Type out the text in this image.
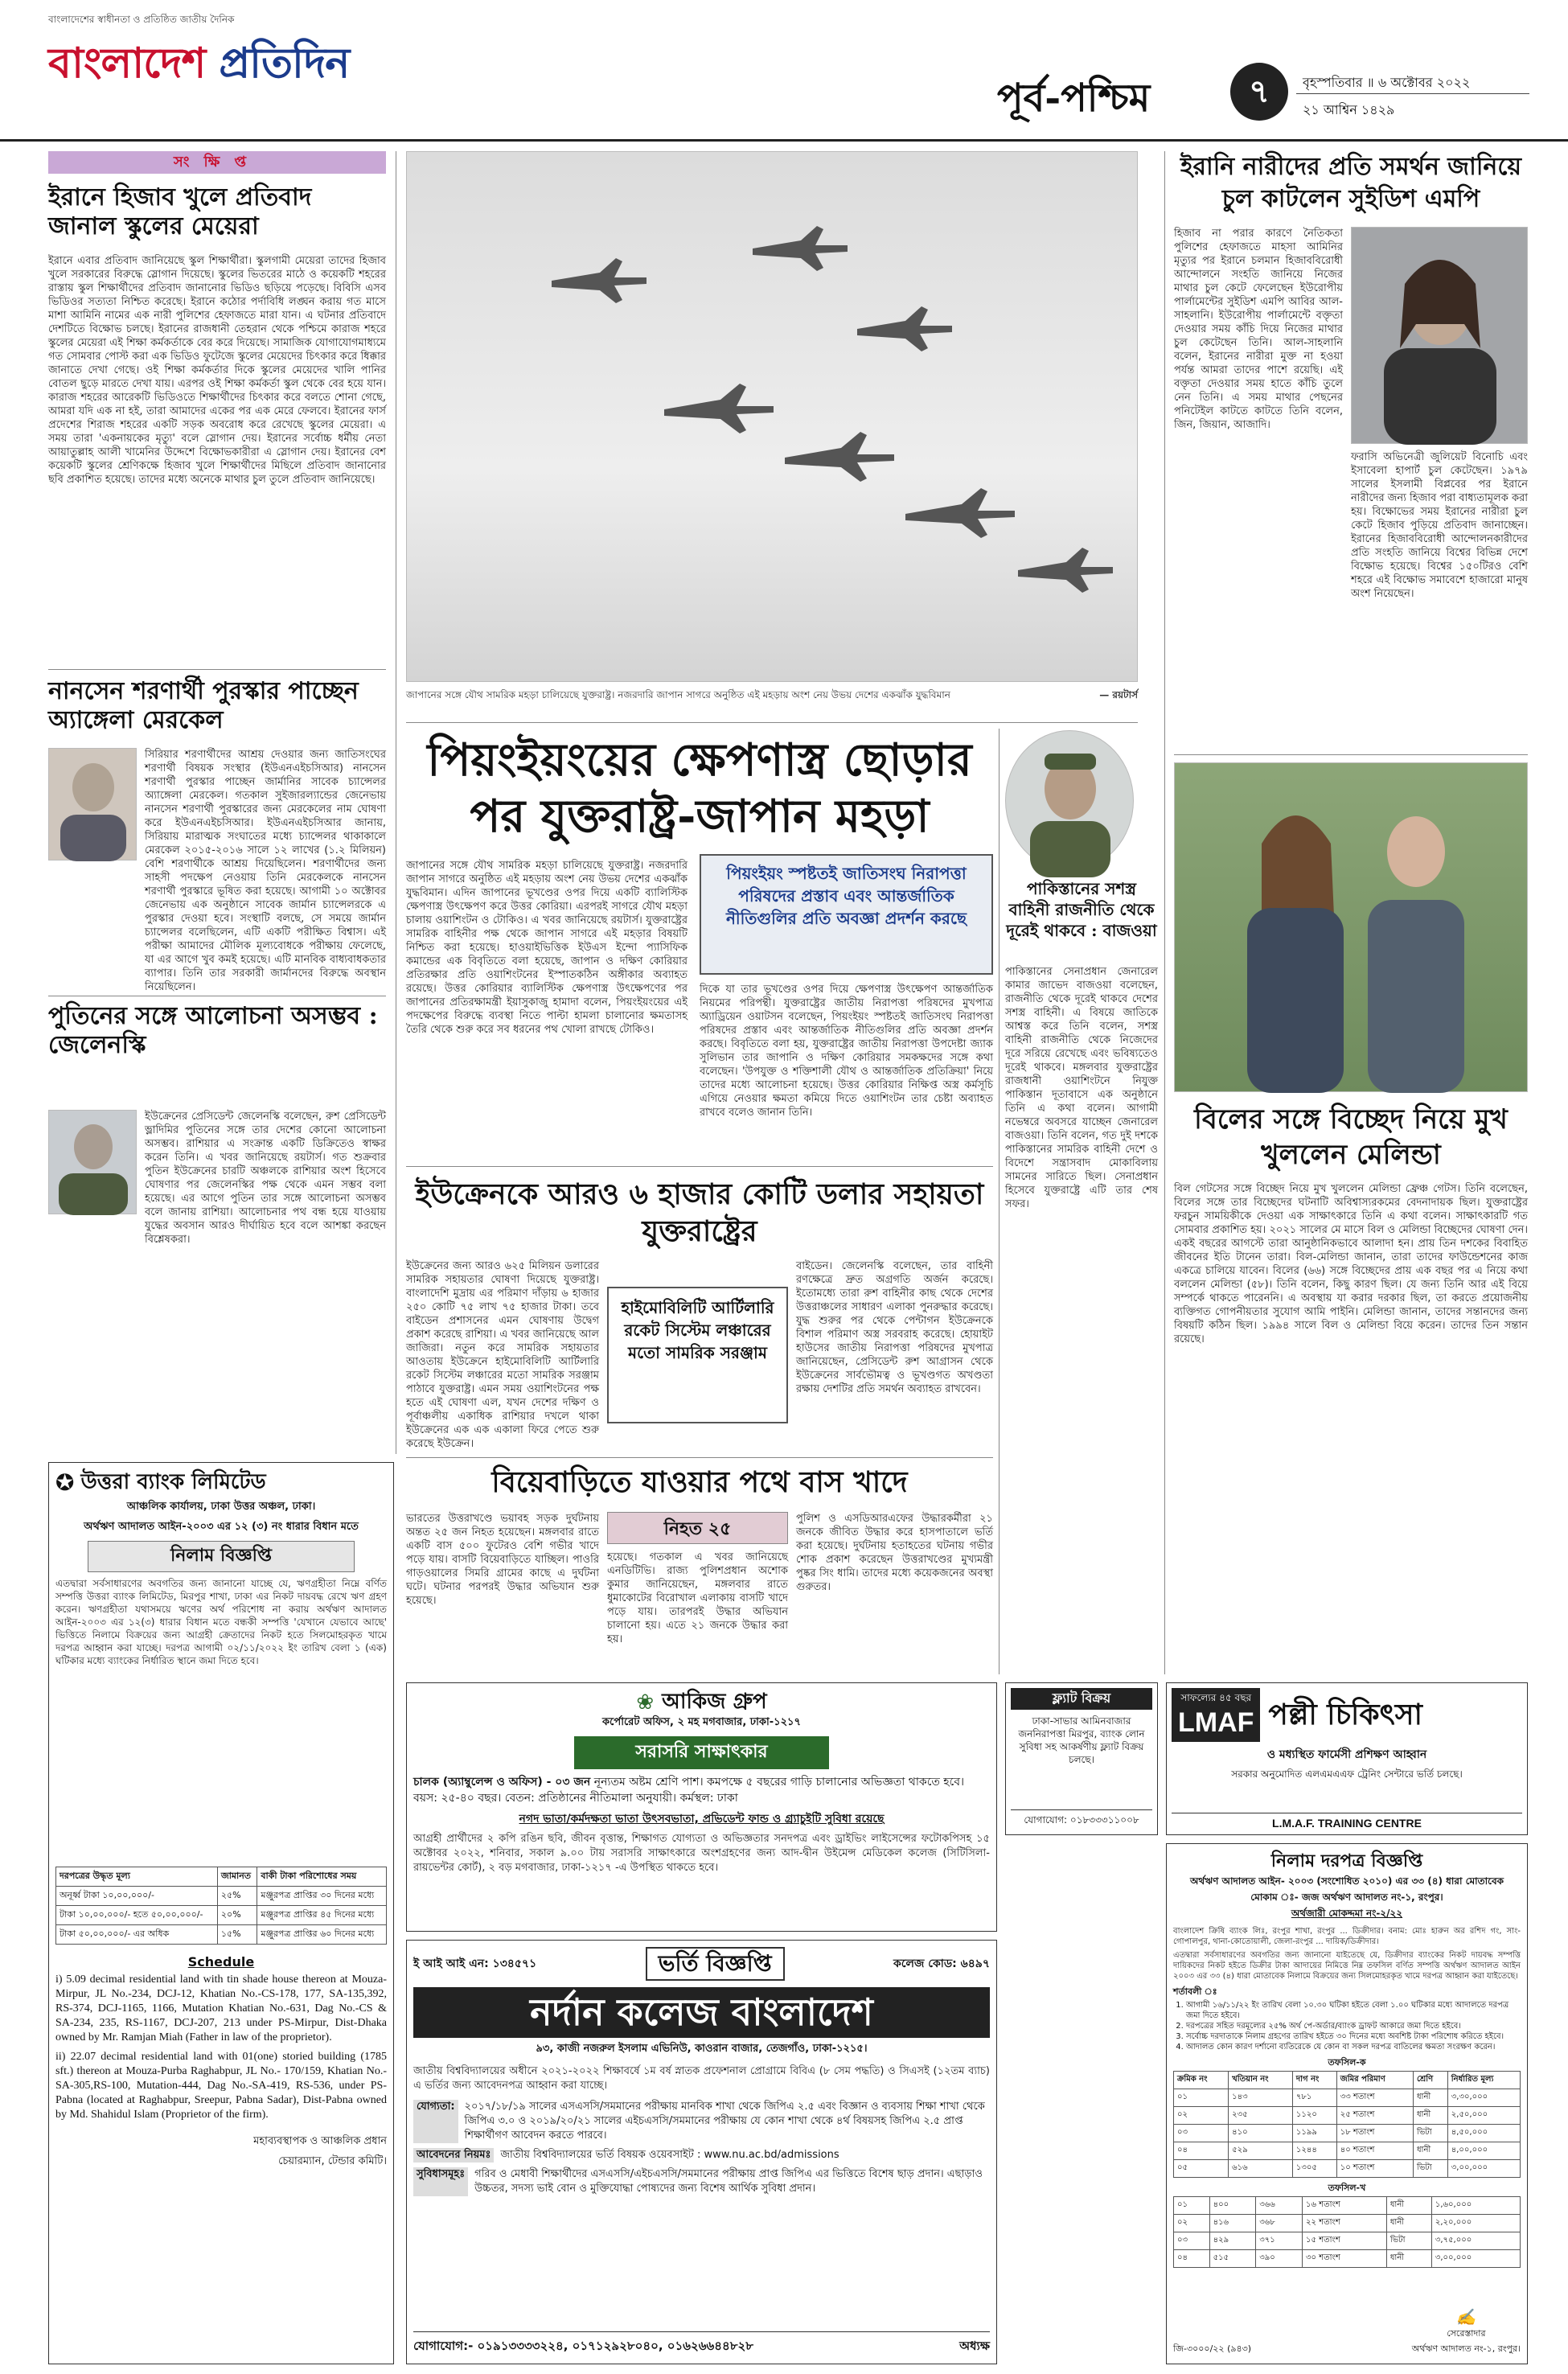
বাংলাদেশের স্বাধীনতা ও প্রতিষ্ঠিত জাতীয় দৈনিক
বাংলাদেশ প্রতিদিন
পূর্ব-পশ্চিম	৭	বৃহস্পতিবার ॥ ৬ অক্টোবর ২০২২
২১ আশ্বিন ১৪২৯
সংক্ষিপ্ত
ইরানে হিজাব খুলে প্রতিবাদ জানাল স্কুলের মেয়েরা
ইরানে এবার প্রতিবাদ জানিয়েছে স্কুল শিক্ষার্থীরা। স্কুলগামী মেয়েরা তাদের হিজাব খুলে সরকারের বিরুদ্ধে স্লোগান দিয়েছে। স্কুলের ভিতরের মাঠে ও কয়েকটি শহরের রাস্তায় স্কুল শিক্ষার্থীদের প্রতিবাদ জানানোর ভিডিও ছড়িয়ে পড়েছে। বিবিসি এসব ভিডিওর সত্যতা নিশ্চিত করেছে। ইরানে কঠোর পর্দাবিধি লঙ্ঘন করায় গত মাসে মাশা আমিনি নামের এক নারী পুলিশের হেফাজতে মারা যান। এ ঘটনার প্রতিবাদে দেশটিতে বিক্ষোভ চলছে। ইরানের রাজধানী তেহরান থেকে পশ্চিমে কারাজ শহরে স্কুলের মেয়েরা এই শিক্ষা কর্মকর্তাকে বের করে দিয়েছে। সামাজিক যোগাযোগমাধ্যমে গত সোমবার পোস্ট করা এক ভিডিও ফুটেজে স্কুলের মেয়েদের চিৎকার করে ধিক্কার জানাতে দেখা গেছে। ওই শিক্ষা কর্মকর্তার দিকে স্কুলের মেয়েদের খালি পানির বোতল ছুড়ে মারতে দেখা যায়। এরপর ওই শিক্ষা কর্মকর্তা স্কুল থেকে বের হয়ে যান। কারাজ শহরের আরেকটি ভিডিওতে শিক্ষার্থীদের চিৎকার করে বলতে শোনা গেছে, আমরা যদি এক না হই, তারা আমাদের একের পর এক মেরে ফেলবে। ইরানের ফার্স প্রদেশের শিরাজ শহরের একটি সড়ক অবরোধ করে রেখেছে স্কুলের মেয়েরা। এ সময় তারা 'একনায়কের মৃত্যু' বলে স্লোগান দেয়। ইরানের সর্বোচ্চ ধর্মীয় নেতা আয়াতুল্লাহ আলী খামেনির উদ্দেশে বিক্ষোভকারীরা এ স্লোগান দেয়। ইরানের বেশ কয়েকটি স্কুলের শ্রেণিকক্ষে হিজাব খুলে শিক্ষার্থীদের মিছিলে প্রতিবাদ জানানোর ছবি প্রকাশিত হয়েছে। তাদের মধ্যে অনেকে মাথার চুল তুলে প্রতিবাদ জানিয়েছে।
নানসেন শরণার্থী পুরস্কার পাচ্ছেন অ্যাঙ্গেলা মেরকেল
সিরিয়ার শরণার্থীদের আশ্রয় দেওয়ার জন্য জাতিসংঘের শরণার্থী বিষয়ক সংস্থার (ইউএনএইচসিআর) নানসেন শরণার্থী পুরস্কার পাচ্ছেন জার্মানির সাবেক চ্যান্সেলর অ্যাঙ্গেলা মেরকেল। গতকাল সুইজারল্যান্ডের জেনেভায় নানসেন শরণার্থী পুরস্কারের জন্য মেরকেলের নাম ঘোষণা করে ইউএনএইচসিআর। ইউএনএইচসিআর জানায়, সিরিয়ায় মারাত্মক সংঘাতের মধ্যে চ্যান্সেলর থাকাকালে মেরকেল ২০১৫-২০১৬ সালে ১২ লাখের (১.২ মিলিয়ন) বেশি শরণার্থীকে আশ্রয় দিয়েছিলেন। শরণার্থীদের জন্য সাহসী পদক্ষেপ নেওয়ায় তিনি মেরকেলকে নানসেন শরণার্থী পুরস্কারে ভূষিত করা হয়েছে। আগামী ১০ অক্টোবর জেনেভায় এক অনুষ্ঠানে সাবেক জার্মান চ্যান্সেলরকে এ পুরস্কার দেওয়া হবে। সংস্থাটি বলছে, সে সময়ে জার্মান চ্যান্সেলর বলেছিলেন, এটি একটি পরীক্ষিত বিশ্বাস। এই পরীক্ষা আমাদের মৌলিক মূল্যবোধকে পরীক্ষায় ফেলেছে, যা এর আগে খুব কমই হয়েছে। এটি মানবিক বাধ্যবাধকতার ব্যাপার। তিনি তার সরকারী জার্মানদের বিরুদ্ধে অবস্থান নিয়েছিলেন।
পুতিনের সঙ্গে আলোচনা অসম্ভব : জেলেনস্কি
ইউক্রেনের প্রেসিডেন্ট জেলেনস্কি বলেছেন, রুশ প্রেসিডেন্ট ভ্লাদিমির পুতিনের সঙ্গে তার দেশের কোনো আলোচনা অসম্ভব। রাশিয়ার এ সংক্রান্ত একটি ডিক্রিতেও স্বাক্ষর করেন তিনি। এ খবর জানিয়েছে রয়টার্স। গত শুক্রবার পুতিন ইউক্রেনের চারটি অঞ্চলকে রাশিয়ার অংশ হিসেবে ঘোষণার পর জেলেনস্কির পক্ষ থেকে এমন সম্ভব বলা হয়েছে। এর আগে পুতিন তার সঙ্গে আলোচনা অসম্ভব বলে জানায় রাশিয়া। আলোচনার পথ বন্ধ হয়ে যাওয়ায় যুদ্ধের অবসান আরও দীর্ঘায়িত হবে বলে আশঙ্কা করছেন বিশ্লেষকরা।
জাপানের সঙ্গে যৌথ সামরিক মহড়া চালিয়েছে যুক্তরাষ্ট্র। নজরদারি জাপান সাগরে অনুষ্ঠিত এই মহড়ায় অংশ নেয় উভয় দেশের একঝাঁক যুদ্ধবিমান	— রয়টার্স
পিয়ংইয়ংয়ের ক্ষেপণাস্ত্র ছোড়ার পর যুক্তরাষ্ট্র-জাপান মহড়া
জাপানের সঙ্গে যৌথ সামরিক মহড়া চালিয়েছে যুক্তরাষ্ট্র। নজরদারি জাপান সাগরে অনুষ্ঠিত এই মহড়ায় অংশ নেয় উভয় দেশের একঝাঁক যুদ্ধবিমান। এদিন জাপানের ভূখণ্ডের ওপর দিয়ে একটি ব্যালিস্টিক ক্ষেপণাস্ত্র উৎক্ষেপণ করে উত্তর কোরিয়া। এরপরই সাগরে যৌথ মহড়া চালায় ওয়াশিংটন ও টোকিও। এ খবর জানিয়েছে রয়টার্স। যুক্তরাষ্ট্রের সামরিক বাহিনীর পক্ষ থেকে জাপান সাগরে এই মহড়ার বিষয়টি নিশ্চিত করা হয়েছে। হাওয়াইভিত্তিক ইউএস ইন্দো প্যাসিফিক কমান্ডের এক বিবৃতিতে বলা হয়েছে, জাপান ও দক্ষিণ কোরিয়ার প্রতিরক্ষার প্রতি ওয়াশিংটনের ইস্পাতকঠিন অঙ্গীকার অব্যাহত রয়েছে। উত্তর কোরিয়ার ব্যালিস্টিক ক্ষেপণাস্ত্র উৎক্ষেপণের পর জাপানের প্রতিরক্ষামন্ত্রী ইয়াসুকাজু হামাদা বলেন, পিয়ংইয়ংয়ের এই পদক্ষেপের বিরুদ্ধে ব্যবস্থা নিতে পাল্টা হামলা চালানোর ক্ষমতাসহ তৈরি থেকে শুরু করে সব ধরনের পথ খোলা রাখছে টোকিও।
পিয়ংইয়ং স্পষ্টতই জাতিসংঘ নিরাপত্তা পরিষদের প্রস্তাব এবং আন্তর্জাতিক নীতিগুলির প্রতি অবজ্ঞা প্রদর্শন করছে
দিকে যা তার ভূখণ্ডের ওপর দিয়ে ক্ষেপণাস্ত্র উৎক্ষেপণ আন্তর্জাতিক নিয়মের পরিপন্থী। যুক্তরাষ্ট্রের জাতীয় নিরাপত্তা পরিষদের মুখপাত্র অ্যাড্রিয়েন ওয়াটসন বলেছেন, পিয়ংইয়ং স্পষ্টতই জাতিসংঘ নিরাপত্তা পরিষদের প্রস্তাব এবং আন্তর্জাতিক নীতিগুলির প্রতি অবজ্ঞা প্রদর্শন করছে। বিবৃতিতে বলা হয়, যুক্তরাষ্ট্রের জাতীয় নিরাপত্তা উপদেষ্টা জ্যাক সুলিভান তার জাপানি ও দক্ষিণ কোরিয়ার সমকক্ষদের সঙ্গে কথা বলেছেন। 'উপযুক্ত ও শক্তিশালী যৌথ ও আন্তর্জাতিক প্রতিক্রিয়া' নিয়ে তাদের মধ্যে আলোচনা হয়েছে। উত্তর কোরিয়ার নিক্ষিপ্ত অস্ত্র কর্মসূচি এগিয়ে নেওয়ার ক্ষমতা কমিয়ে দিতে ওয়াশিংটন তার চেষ্টা অব্যাহত রাখবে বলেও জানান তিনি।
ইউক্রেনকে আরও ৬ হাজার কোটি ডলার সহায়তা যুক্তরাষ্ট্রের
ইউক্রেনের জন্য আরও ৬২৫ মিলিয়ন ডলারের সামরিক সহায়তার ঘোষণা দিয়েছে যুক্তরাষ্ট্র। বাংলাদেশি মুদ্রায় এর পরিমাণ দাঁড়ায় ৬ হাজার ২৫০ কোটি ৭৫ লাখ ৭৫ হাজার টাকা। তবে বাইডেন প্রশাসনের এমন ঘোষণায় উদ্বেগ প্রকাশ করেছে রাশিয়া। এ খবর জানিয়েছে আল জাজিরা। নতুন করে সামরিক সহায়তার আওতায় ইউক্রেনে হাইমোবিলিটি আর্টিলারি রকেট সিস্টেম লঞ্চারের মতো সামরিক সরঞ্জাম পাঠাবে যুক্তরাষ্ট্র। এমন সময় ওয়াশিংটনের পক্ষ হতে এই ঘোষণা এল, যখন দেশের দক্ষিণ ও পূর্বাঞ্চলীয় একাধিক রাশিয়ার দখলে থাকা ইউক্রেনের এক এক একালা ফিরে পেতে শুরু করেছে ইউক্রেন।
হাইমোবিলিটি আর্টিলারি রকেট সিস্টেম লঞ্চারের মতো সামরিক সরঞ্জাম
বাইডেন। জেলেনস্কি বলেছেন, তার বাহিনী রণক্ষেত্রে দ্রুত অগ্রগতি অর্জন করেছে। ইতোমধ্যে তারা রুশ বাহিনীর কাছ থেকে দেশের উত্তরাঞ্চলের সাধারণ এলাকা পুনরুদ্ধার করেছে। যুদ্ধ শুরুর পর থেকে পেন্টাগন ইউক্রেনকে বিশাল পরিমাণ অস্ত্র সরবরাহ করেছে। হোয়াইট হাউসের জাতীয় নিরাপত্তা পরিষদের মুখপাত্র জানিয়েছেন, প্রেসিডেন্ট রুশ আগ্রাসন থেকে ইউক্রেনের সার্বভৌমত্ব ও ভূখণ্ডগত অখণ্ডতা রক্ষায় দেশটির প্রতি সমর্থন অব্যাহত রাখবেন।
বিয়েবাড়িতে যাওয়ার পথে বাস খাদে
ভারতের উত্তরাখণ্ডে ভয়াবহ সড়ক দুর্ঘটনায় অন্তত ২৫ জন নিহত হয়েছেন। মঙ্গলবার রাতে একটি বাস ৫০০ ফুটেরও বেশি গভীর খাদে পড়ে যায়। বাসটি বিয়েবাড়িতে যাচ্ছিল। পাওরি গাড়ওয়ালের সিমরি গ্রামের কাছে এ দুর্ঘটনা ঘটে। ঘটনার পরপরই উদ্ধার অভিযান শুরু হয়েছে।
নিহত ২৫
হয়েছে। গতকাল এ খবর জানিয়েছে এনডিটিভি। রাজ্য পুলিশপ্রধান অশোক কুমার জানিয়েছেন, মঙ্গলবার রাতে ধুমাকোটের বিরোখাল এলাকায় বাসটি খাদে পড়ে যায়। তারপরই উদ্ধার অভিযান চালানো হয়। এতে ২১ জনকে উদ্ধার করা হয়।
পুলিশ ও এসডিআরএফের উদ্ধারকর্মীরা ২১ জনকে জীবিত উদ্ধার করে হাসপাতালে ভর্তি করা হয়েছে। দুর্ঘটনায় হতাহতের ঘটনায় গভীর শোক প্রকাশ করেছেন উত্তরাখণ্ডের মুখ্যমন্ত্রী পুষ্কর সিং ধামি। তাদের মধ্যে কয়েকজনের অবস্থা গুরুতর।
পাকিস্তানের সশস্ত্র বাহিনী রাজনীতি থেকে দূরেই থাকবে : বাজওয়া
পাকিস্তানের সেনাপ্রধান জেনারেল কামার জাভেদ বাজওয়া বলেছেন, রাজনীতি থেকে দূরেই থাকবে দেশের সশস্ত্র বাহিনী। এ বিষয়ে জাতিকে আশ্বস্ত করে তিনি বলেন, সশস্ত্র বাহিনী রাজনীতি থেকে নিজেদের দূরে সরিয়ে রেখেছে এবং ভবিষ্যতেও দূরেই থাকবে। মঙ্গলবার যুক্তরাষ্ট্রের রাজধানী ওয়াশিংটনে নিযুক্ত পাকিস্তান দূতাবাসে এক অনুষ্ঠানে তিনি এ কথা বলেন। আগামী নভেম্বরে অবসরে যাচ্ছেন জেনারেল বাজওয়া। তিনি বলেন, গত দুই দশকে পাকিস্তানের সামরিক বাহিনী দেশে ও বিদেশে সন্ত্রাসবাদ মোকাবিলায় সামনের সারিতে ছিল। সেনাপ্রধান হিসেবে যুক্তরাষ্ট্রে এটি তার শেষ সফর।
ইরানি নারীদের প্রতি সমর্থন জানিয়ে চুল কাটলেন সুইডিশ এমপি
হিজাব না পরার কারণে নৈতিকতা পুলিশের হেফাজতে মাহসা আমিনির মৃত্যুর পর ইরানে চলমান হিজাববিরোধী আন্দোলনে সংহতি জানিয়ে নিজের মাথার চুল কেটে ফেলেছেন ইউরোপীয় পার্লামেন্টের সুইডিশ এমপি আবির আল-সাহলানি। ইউরোপীয় পার্লামেন্টে বক্তৃতা দেওয়ার সময় কাঁচি দিয়ে নিজের মাথার চুল কেটেছেন তিনি। আল-সাহলানি বলেন, ইরানের নারীরা মুক্ত না হওয়া পর্যন্ত আমরা তাদের পাশে রয়েছি। এই বক্তৃতা দেওয়ার সময় হাতে কাঁচি তুলে নেন তিনি। এ সময় মাথার পেছনের পনিটেইল কাটতে কাটতে তিনি বলেন, জিন, জিয়ান, আজাদি।
ফরাসি অভিনেত্রী জুলিয়েট বিনোচি এবং ইসাবেলা হাপার্ট চুল কেটেছেন। ১৯৭৯ সালের ইসলামী বিপ্লবের পর ইরানে নারীদের জন্য হিজাব পরা বাধ্যতামূলক করা হয়। বিক্ষোভের সময় ইরানের নারীরা চুল কেটে হিজাব পুড়িয়ে প্রতিবাদ জানাচ্ছেন। ইরানের হিজাববিরোধী আন্দোলনকারীদের প্রতি সংহতি জানিয়ে বিশ্বের বিভিন্ন দেশে বিক্ষোভ হয়েছে। বিশ্বের ১৫০টিরও বেশি শহরে এই বিক্ষোভ সমাবেশে হাজারো মানুষ অংশ নিয়েছেন।
বিলের সঙ্গে বিচ্ছেদ নিয়ে মুখ খুললেন মেলিন্ডা
বিল গেটসের সঙ্গে বিচ্ছেদ নিয়ে মুখ খুললেন মেলিন্ডা ফ্রেঞ্চ গেটস। তিনি বলেছেন, বিলের সঙ্গে তার বিচ্ছেদের ঘটনাটি অবিশ্বাস্যরকমের বেদনাদায়ক ছিল। যুক্তরাষ্ট্রের ফরচুন সাময়িকীকে দেওয়া এক সাক্ষাৎকারে তিনি এ কথা বলেন। সাক্ষাৎকারটি গত সোমবার প্রকাশিত হয়। ২০২১ সালের মে মাসে বিল ও মেলিন্ডা বিচ্ছেদের ঘোষণা দেন। একই বছরের আগস্টে তারা আনুষ্ঠানিকভাবে আলাদা হন। প্রায় তিন দশকের বিবাহিত জীবনের ইতি টানেন তারা। বিল-মেলিন্ডা জানান, তারা তাদের ফাউন্ডেশনের কাজ একত্রে চালিয়ে যাবেন। বিলের (৬৬) সঙ্গে বিচ্ছেদের প্রায় এক বছর পর এ নিয়ে কথা বললেন মেলিন্ডা (৫৮)। তিনি বলেন, কিছু কারণ ছিল। যে জন্য তিনি আর এই বিয়ে সম্পর্কে থাকতে পারেননি। এ অবস্থায় যা করার দরকার ছিল, তা করতে প্রয়োজনীয় ব্যক্তিগত গোপনীয়তার সুযোগ আমি পাইনি। মেলিন্ডা জানান, তাদের সন্তানদের জন্য বিষয়টি কঠিন ছিল। ১৯৯৪ সালে বিল ও মেলিন্ডা বিয়ে করেন। তাদের তিন সন্তান রয়েছে।
✪ উত্তরা ব্যাংক লিমিটেড
আঞ্চলিক কার্যালয়, ঢাকা উত্তর অঞ্চল, ঢাকা।
অর্থঋণ আদালত আইন-২০০৩ এর ১২ (৩) নং ধারার বিধান মতে
নিলাম বিজ্ঞপ্তি
এতদ্বারা সর্বসাধারণের অবগতির জন্য জানানো যাচ্ছে যে, ঋণগ্রহীতা নিম্নে বর্ণিত সম্পত্তি উত্তরা ব্যাংক লিমিটেড, মিরপুর শাখা, ঢাকা এর নিকট দায়বদ্ধ রেখে ঋণ গ্রহণ করেন। ঋণগ্রহীতা যথাসময়ে ঋণের অর্থ পরিশোধ না করায় অর্থঋণ আদালত আইন-২০০৩ এর ১২(৩) ধারার বিধান মতে বন্ধকী সম্পত্তি 'যেখানে যেভাবে আছে' ভিত্তিতে নিলামে বিক্রয়ের জন্য আগ্রহী ক্রেতাদের নিকট হতে সিলমোহরকৃত খামে দরপত্র আহ্বান করা যাচ্ছে। দরপত্র আগামী ০২/১১/২০২২ ইং তারিখ বেলা ১ (এক) ঘটিকার মধ্যে ব্যাংকের নির্ধারিত স্থানে জমা দিতে হবে।
দরপত্রের উদ্ধৃত মূল্য	জামানত	বাকী টাকা পরিশোধের সময়
অনূর্ধ্ব টাকা ১০,০০,০০০/-	২৫%	মঞ্জুরপত্র প্রাপ্তির ৩০ দিনের মধ্যে
টাকা ১০,০০,০০০/- হতে ৫০,০০,০০০/-	২০%	মঞ্জুরপত্র প্রাপ্তির ৪৫ দিনের মধ্যে
টাকা ৫০,০০,০০০/- এর অধিক	১৫%	মঞ্জুরপত্র প্রাপ্তির ৬০ দিনের মধ্যে
Schedule
i) 5.09 decimal residential land with tin shade house thereon at Mouza-Mirpur, JL No.-234, DCJ-12, Khatian No.-CS-178, 177, SA-135,392, RS-374, DCJ-1165, 1166, Mutation Khatian No.-631, Dag No.-CS & SA-234, 235, RS-1167, DCJ-207, 213 under PS-Mirpur, Dist-Dhaka owned by Mr. Ramjan Miah (Father in law of the proprietor).
ii) 22.07 decimal residential land with 01(one) storied building (1785 sft.) thereon at Mouza-Purba Raghabpur, JL No.- 170/159, Khatian No.-SA-305,RS-100, Mutation-444, Dag No.-SA-419, RS-536, under PS-Pabna (located at Raghabpur, Sreepur, Pabna Sadar), Dist-Pabna owned by Md. Shahidul Islam (Proprietor of the firm).
মহাব্যবস্থাপক ও আঞ্চলিক প্রধান
চেয়ারম্যান, টেন্ডার কমিটি।
❀ আকিজ গ্রুপ
কর্পোরেট অফিস, ২ মহ মগবাজার, ঢাকা-১২১৭
সরাসরি সাক্ষাৎকার
চালক (অ্যাম্বুলেন্স ও অফিস) - ০৩ জন নূন্যতম অষ্টম শ্রেণি পাশ। কমপক্ষে ৫ বছরের গাড়ি চালানোর অভিজ্ঞতা থাকতে হবে। বয়স: ২৫-৪০ বছর। বেতন: প্রতিষ্ঠানের নীতিমালা অনুযায়ী। কর্মস্থল: ঢাকা
নগদ ভাতা/কর্মদক্ষতা ভাতা উৎসবভাতা, প্রভিডেন্ট ফান্ড ও গ্র্যাচুইটি সুবিধা রয়েছে
আগ্রহী প্রার্থীদের ২ কপি রঙিন ছবি, জীবন বৃত্তান্ত, শিক্ষাগত যোগ্যতা ও অভিজ্ঞতার সনদপত্র এবং ড্রাইভিং লাইসেন্সের ফটোকপিসহ ১৫ অক্টোবর ২০২২, শনিবার, সকাল ৯.০০ টায় সরাসরি সাক্ষাৎকারে অংশগ্রহণের জন্য আদ-দ্বীন উইমেন্স মেডিকেল কলেজ (সিটিসিলা-রায়ভেন্টর কোর্ট), ২ বড় মগবাজার, ঢাকা-১২১৭ -এ উপস্থিত থাকতে হবে।
ই আই আই এন: ১৩৪৫৭১	ভর্তি বিজ্ঞপ্তি	কলেজ কোড: ৬৪৯৭
নর্দান কলেজ বাংলাদেশ
৯৩, কাজী নজরুল ইসলাম এভিনিউ, কাওরান বাজার, তেজগাঁও, ঢাকা-১২১৫।
জাতীয় বিশ্ববিদ্যালয়ের অধীনে ২০২১-২০২২ শিক্ষাবর্ষে ১ম বর্ষ স্নাতক প্রফেশনাল প্রোগ্রামে বিবিএ (৮ সেম পদ্ধতি) ও সিএসই (১২তম ব্যাচ) এ ভর্তির জন্য আবেদনপত্র আহ্বান করা যাচ্ছে।
যোগ্যতা: ২০১৭/১৮/১৯ সালের এসএসসি/সমমানের পরীক্ষায় মানবিক শাখা থেকে জিপিএ ২.৫ এবং বিজ্ঞান ও ব্যবসায় শিক্ষা শাখা থেকে জিপিএ ৩.০ ও ২০১৯/২০/২১ সালের এইচএসসি/সমমানের পরীক্ষায় যে কোন শাখা থেকে ৪র্থ বিষয়সহ জিপিএ ২.৫ প্রাপ্ত শিক্ষার্থীগণ আবেদন করতে পারবে।
আবেদনের নিয়মঃ জাতীয় বিশ্ববিদ্যালয়ের ভর্তি বিষয়ক ওয়েবসাইট : www.nu.ac.bd/admissions
সুবিধাসমূহঃ গরিব ও মেধাবী শিক্ষার্থীদের এসএসসি/এইচএসসি/সমমানের পরীক্ষায় প্রাপ্ত জিপিএ এর ভিত্তিতে বিশেষ ছাড় প্রদান। এছাড়াও উচ্চতর, সদস্য ভাই বোন ও মুক্তিযোদ্ধা পোষ্যদের জন্য বিশেষ আর্থিক সুবিধা প্রদান।
যোগাযোগ:- ০১৯১৩৩৩৩২২৪, ০১৭১২৯২৮০৪০, ০১৬২৬৬৪৪৮২৮	অধ্যক্ষ
ফ্ল্যাট বিক্রয়
ঢাকা-সাভার আমিনবাজার জননিরাপত্তা মিরপুর, ব্যাংক লোন সুবিধা সহ আকর্ষণীয় ফ্ল্যাট বিক্রয় চলছে।
যোগাযোগ: ০১৮৩৩৩১১০০৮
সাফল্যের ৪৫ বছর
LMAF পল্লী চিকিৎসা
ও মধ্যস্থিত ফার্মেসী প্রশিক্ষণ আহ্বান
সরকার অনুমোদিত এলএমএএফ ট্রেনিং সেন্টারে ভর্তি চলছে।
L.M.A.F. TRAINING CENTRE
নিলাম দরপত্র বিজ্ঞপ্তি
অর্থঋণ আদালত আইন- ২০০৩ (সংশোধিত ২০১০) এর ৩৩ (৪) ধারা মোতাবেক
মোকাম ঃ- জজ অর্থঋণ আদালত নং-১, রংপুর।
অর্থজারী মোকদ্দমা নং-২/২২
বাংলাদেশ ক্রিষি ব্যাংক লিঃ, রংপুর শাখা, রংপুর ... ডিক্রীদার। বনাম: মোঃ হারুন অর রশিদ গং, সাং-গোপালপুর, থানা-কোতোয়ালী, জেলা-রংপুর ... দায়িক/ডিক্রীদার।
এতদ্বারা সর্বসাধারণের অবগতির জন্য জানানো যাইতেছে যে, ডিক্রীদার ব্যাংকের নিকট দায়বদ্ধ সম্পত্তি দায়িকদের নিকট হইতে ডিক্রীর টাকা আদায়ের নিমিত্তে নিম্ন তফসিল বর্ণিত সম্পত্তি অর্থঋণ আদালত আইন ২০০৩ এর ৩৩ (৪) ধারা মোতাবেক নিলামে বিক্রয়ের জন্য সিলমোহরকৃত খামে দরপত্র আহ্বান করা যাইতেছে।
শর্তাবলী ঃ
1. আগামী ১৬/১১/২২ ইং তারিখ বেলা ১০.৩০ ঘটিকা হইতে বেলা ১.০০ ঘটিকার মধ্যে আদালতে দরপত্র জমা দিতে হইবে।
2. দরপত্রের সহিত দরমূল্যের ২৫% অর্থ পে-অর্ডার/ব্যাংক ড্রাফট আকারে জমা দিতে হইবে।
3. সর্বোচ্চ দরদাতাকে নিলাম গ্রহণের তারিখ হইতে ৩০ দিনের মধ্যে অবশিষ্ট টাকা পরিশোধ করিতে হইবে।
4. আদালত কোন কারণ দর্শানো ব্যতিরেকে যে কোন বা সকল দরপত্র বাতিলের ক্ষমতা সংরক্ষণ করেন।
তফসিল-ক
ক্রমিক নং	খতিয়ান নং	দাগ নং	জমির পরিমাণ	শ্রেণি	নির্ধারিত মূল্য
০১	১৪৩	৭৮১	৩৩ শতাংশ	ধানী	৩,৩০,০০০
০২	২৩৫	১১২০	২৫ শতাংশ	ধানী	২,৫০,০০০
০৩	৪১০	১১৯৯	১৮ শতাংশ	ভিটা	৪,৫০,০০০
০৪	৫২৯	১২৪৪	৪০ শতাংশ	ধানী	৪,০০,০০০
০৫	৬১৬	১৩০৫	১০ শতাংশ	ভিটা	৩,০০,০০০
তফসিল-খ
০১	৪০০	৩৬৬	১৬ শতাংশ	ধানী	১,৬০,০০০
০২	৪১৬	৩৬৮	২২ শতাংশ	ধানী	২,২০,০০০
০৩	৪২৯	৩৭১	১৫ শতাংশ	ভিটা	৩,৭৫,০০০
০৪	৫১৫	৩৯০	৩০ শতাংশ	ধানী	৩,০০,০০০
জি-৩০০০/২২ (৯৪৩)
✍
সেরেস্তাদার
অর্থঋণ আদালত নং-১, রংপুর।
